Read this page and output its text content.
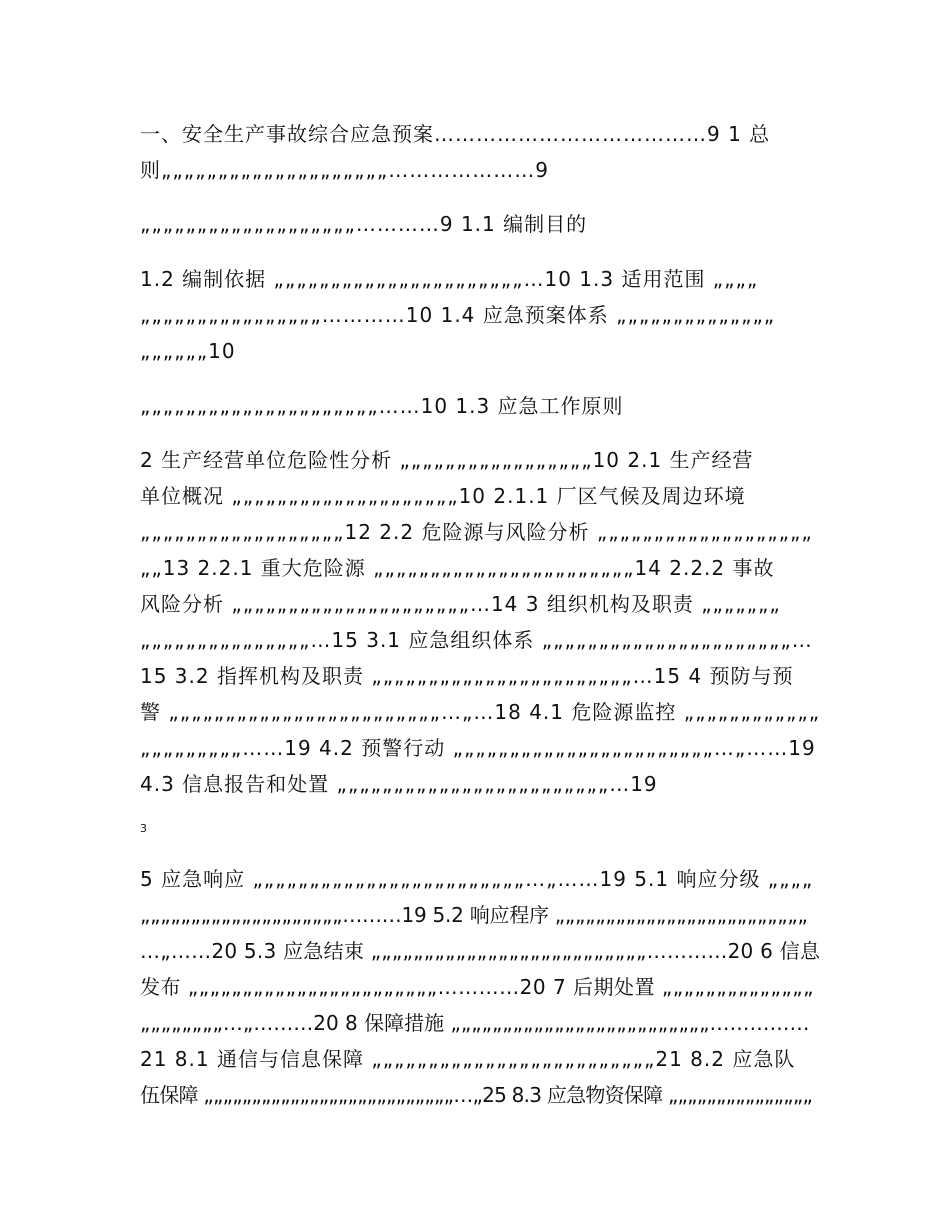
一、安全生产事故综合应急预案…………………………………9 1 总
则„„„„„„„„„„„„„„„„„„„„…………………9
„„„„„„„„„„„„„„„„„„„…………9 1.1 编制目的
1.2 编制依据 „„„„„„„„„„„„„„„„„„„„„„…10 1.3 适用范围 „„„„
„„„„„„„„„„„„„„„„…………10 1.4 应急预案体系 „„„„„„„„„„„„„„
„„„„„„10
„„„„„„„„„„„„„„„„„„„„„……10 1.3 应急工作原则
2 生产经营单位危险性分析 „„„„„„„„„„„„„„„„„10 2.1 生产经营
单位概况 „„„„„„„„„„„„„„„„„„„„10 2.1.1 厂区气候及周边环境
„„„„„„„„„„„„„„„„„„12 2.2 危险源与风险分析 „„„„„„„„„„„„„„„„„„„
„„13 2.2.1 重大危险源 „„„„„„„„„„„„„„„„„„„„„„„14 2.2.2 事故
风险分析 „„„„„„„„„„„„„„„„„„„„„…14 3 组织机构及职责 „„„„„„„
„„„„„„„„„„„„„„„…15 3.1 应急组织体系 „„„„„„„„„„„„„„„„„„„„„„…
15 3.2 指挥机构及职责 „„„„„„„„„„„„„„„„„„„„„„„…15 4 预防与预
警 „„„„„„„„„„„„„„„„„„„„„„„„…„…18 4.1 危险源监控 „„„„„„„„„„„„
„„„„„„„„„……19 4.2 预警行动 „„„„„„„„„„„„„„„„„„„„„„„…„……19
4.3 信息报告和处置 „„„„„„„„„„„„„„„„„„„„„„„„…19
3
5 应急响应 „„„„„„„„„„„„„„„„„„„„„„„„…„……19 5.1 响应分级 „„„„
„„„„„„„„„„„„„„„„„„„„………19 5.2 响应程序 „„„„„„„„„„„„„„„„„„„„„„„„„
…„……20 5.3 应急结束 „„„„„„„„„„„„„„„„„„„„„„„„„„…………20 6 信息
发布 „„„„„„„„„„„„„„„„„„„„„„„…………20 7 后期处置 „„„„„„„„„„„„„„
„„„„„„„„…„………20 8 保障措施 „„„„„„„„„„„„„„„„„„„„„„„„„……………
21 8.1 通信与信息保障 „„„„„„„„„„„„„„„„„„„„„„„„„21 8.2 应急队
伍保障 „„„„„„„„„„„„„„„„„„„„„„„„„„…„25 8.3 应急物资保障 „„„„„„„„„„„„„„„
